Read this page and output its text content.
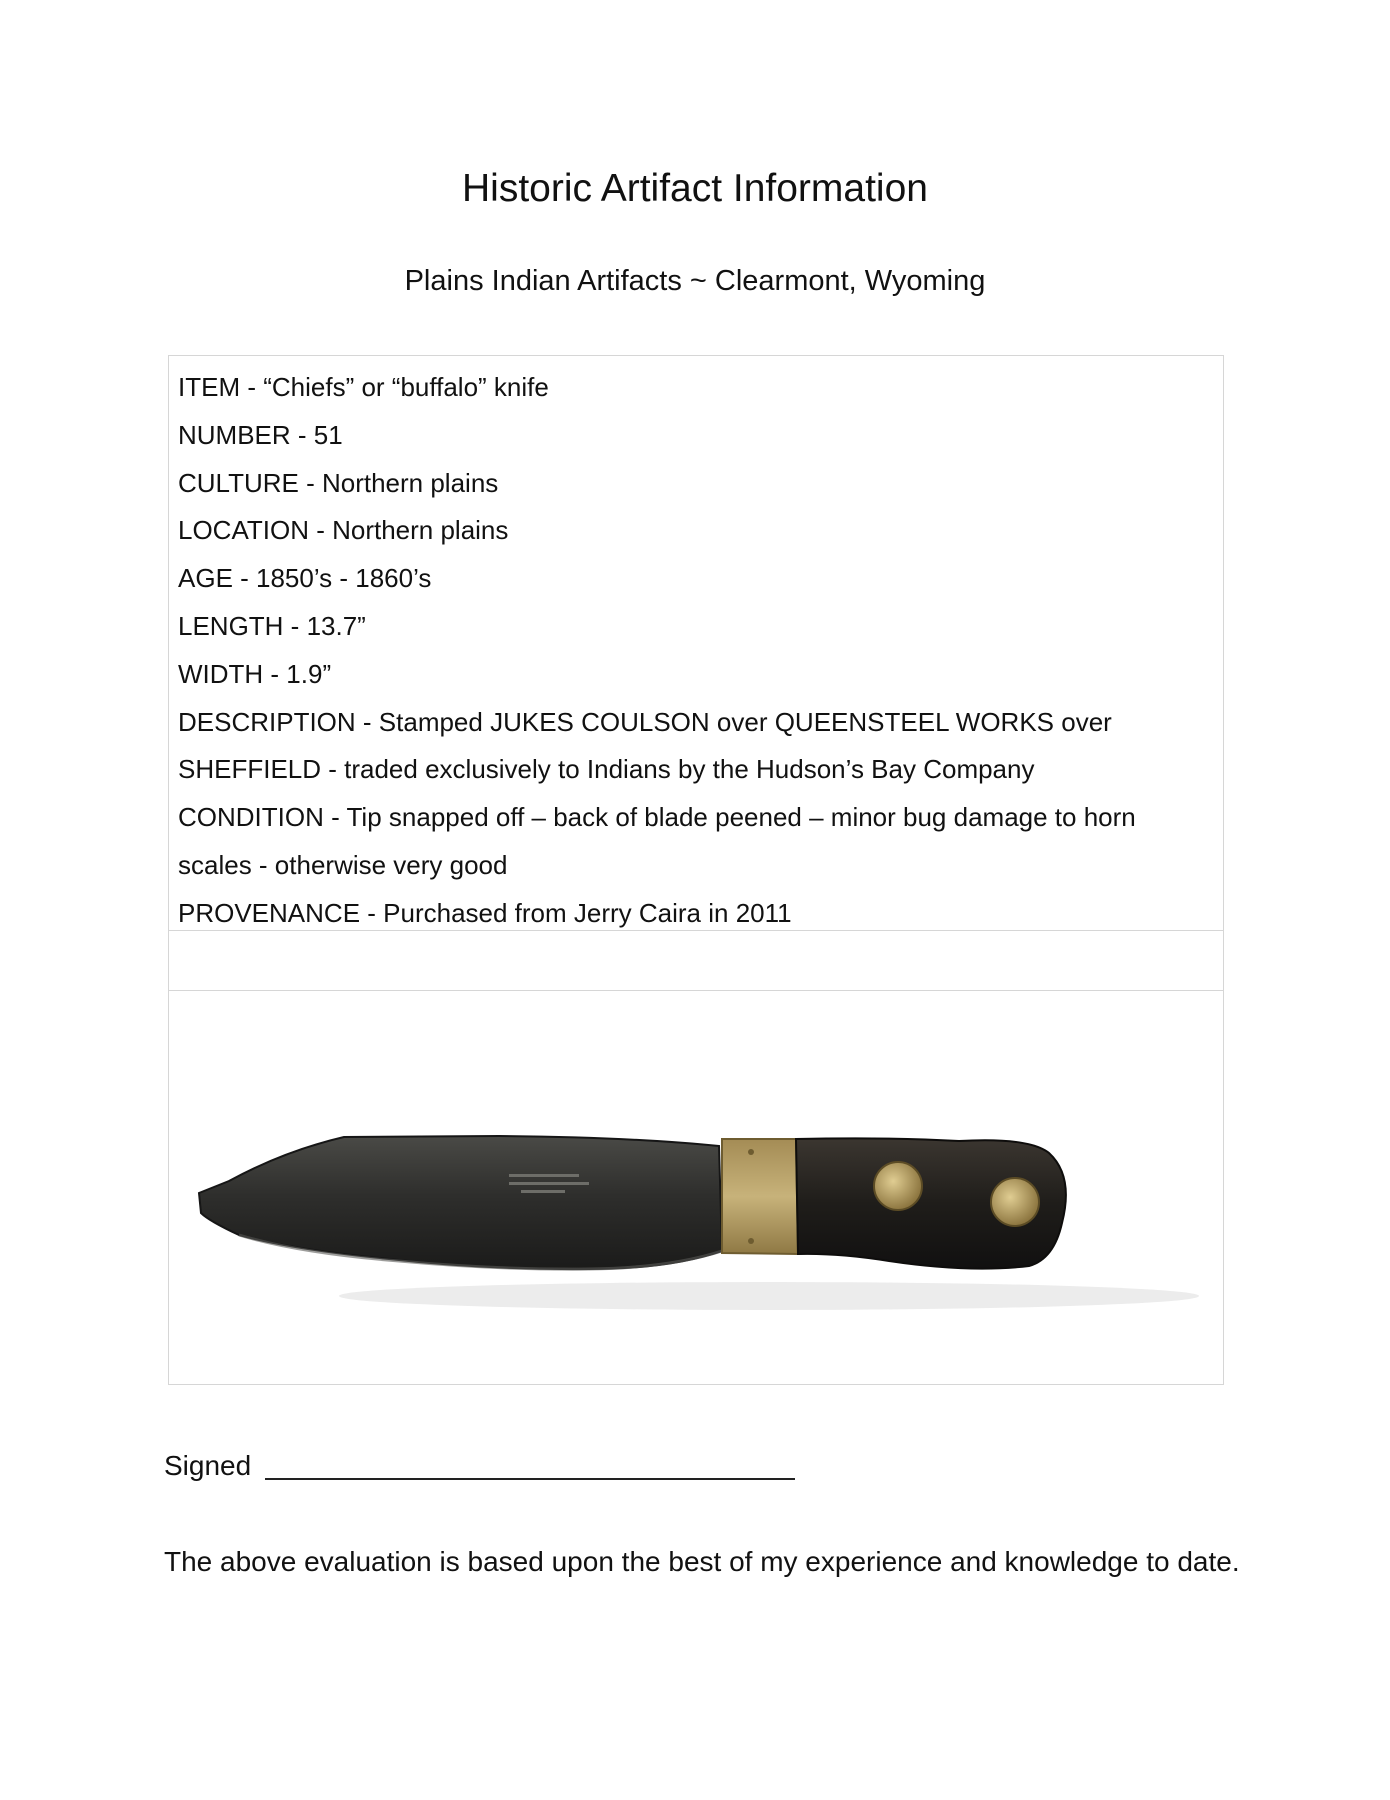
Historic Artifact Information
Plains Indian Artifacts ~ Clearmont, Wyoming
ITEM - “Chiefs” or “buffalo” knife
NUMBER - 51
CULTURE - Northern plains
LOCATION - Northern plains
AGE - 1850’s - 1860’s
LENGTH - 13.7”
WIDTH - 1.9”
DESCRIPTION - Stamped JUKES COULSON over QUEENSTEEL WORKS over
SHEFFIELD - traded exclusively to Indians by the Hudson’s Bay Company
CONDITION - Tip snapped off – back of blade peened – minor bug damage to horn
scales - otherwise very good
PROVENANCE - Purchased from Jerry Caira in 2011
Signed
The above evaluation is based upon the best of my experience and knowledge to date.
